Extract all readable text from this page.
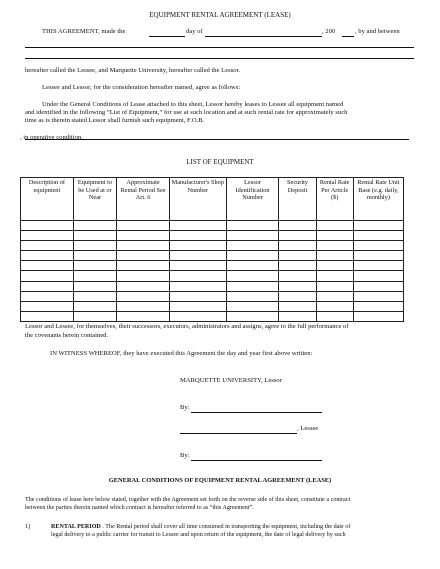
EQUIPMENT RENTAL AGREEMENT (LEASE)
THIS AGREEMENT, made the	day of	, 200	, by and between
hereafter called the Lessee, and Marquette University, hereafter called the Lessor.
Lessee and Lessor, for the consideration hereafter named, agree as follows:
Under the General Conditions of Lease attached to this sheet, Lessor hereby leases to Lessee all equipment named
and identified in the following “List of Equipment,” for use at such location and at such rental rate for approximately such
time as is therein stated Lessor shall furnish such equipment, F.O.B.
, in operative condition.
LIST OF EQUIPMENT
Description of equipment	Equipment to be Used at or Near	Approximate Rental Period See Art. 6	Manufacturer's Shop Number	Lessor Identification Number	Security Deposit	Rental Rate Per Article ($)	Rental Rate Unit Base (e.g. daily, monthly)

Lessor and Lessee, for themselves, their successors, executors, administrators and assigns, agree to the full performance of
the covenants herein contained.
IN WITNESS WHEREOF, they have executed this Agreement the day and year first above written:
MARQUETTE UNIVERSITY, Lessor
By:
, Lessee
By:
GENERAL CONDITIONS OF EQUIPMENT RENTAL AGREEMENT (LEASE)
The conditions of lease here below stated, together with the Agreement set forth on the reverse side of this sheet, constitute a contract
between the parties therein named which contract is hereafter referred to as “this Agreement”.
1)	RENTAL PERIOD . The Rental period shall cover all time consumed in transporting the equipment, including the date of
legal delivery to a public carrier for transit to Lessee and upon return of the equipment, the date of legal delivery by such
